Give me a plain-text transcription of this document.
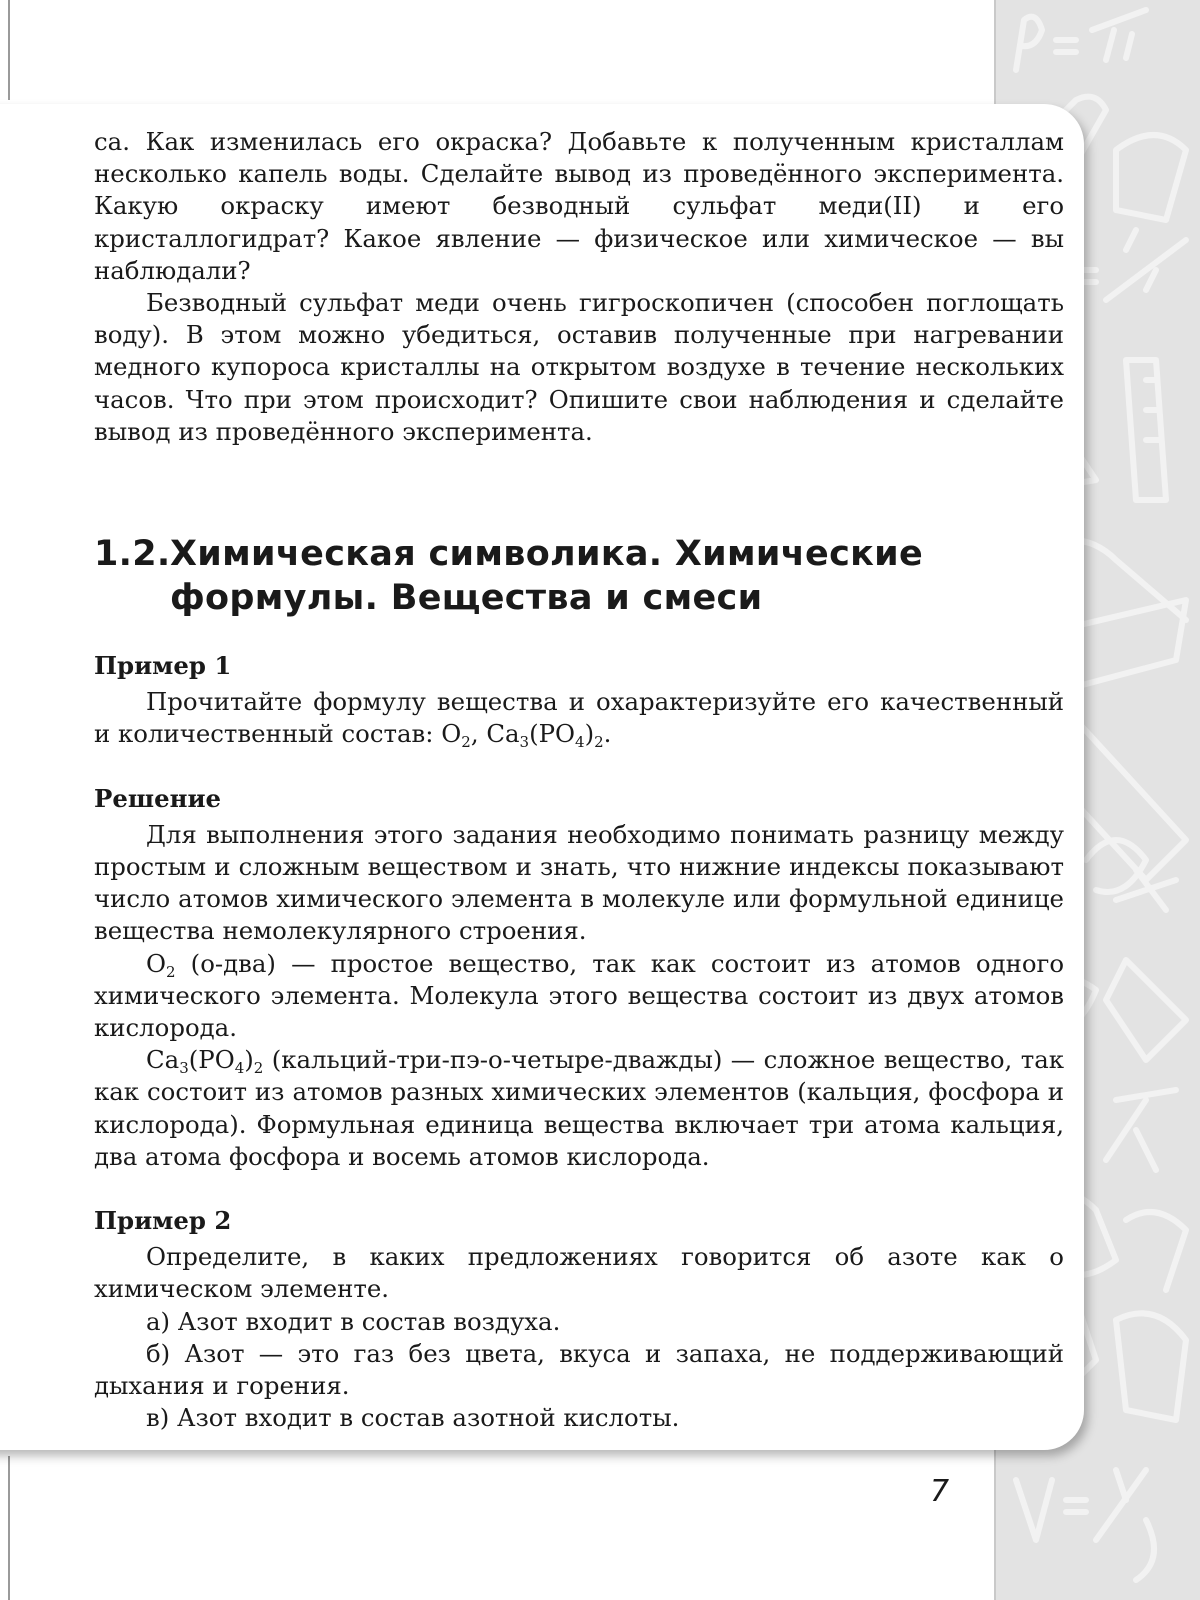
са. Как изменилась его окраска? Добавьте к полученным кристаллам несколько капель воды. Сделайте вывод из проведённого эксперимента. Какую окраску имеют безводный сульфат меди(II) и его кристаллогидрат? Какое явление — физическое или химическое — вы наблюдали?

Безводный сульфат меди очень гигроскопичен (способен поглощать воду). В этом можно убедиться, оставив полученные при нагревании медного купороса кристаллы на открытом воздухе в течение нескольких часов. Что при этом происходит? Опишите свои наблюдения и сделайте вывод из проведённого эксперимента.

1.2. Химическая символика. Химические формулы. Вещества и смеси

Пример 1

Прочитайте формулу вещества и охарактеризуйте его качественный и количественный состав: $O_2$, $Ca_3(PO_4)_2$.

Решение

Для выполнения этого задания необходимо понимать разницу между простым и сложным веществом и знать, что нижние индексы показывают число атомов химического элемента в молекуле или формульной единице вещества немолекулярного строения.

$O_2$ (о-два) — простое вещество, так как состоит из атомов одного химического элемента. Молекула этого вещества состоит из двух атомов кислорода.

$Ca_3(PO_4)_2$ (кальций-три-пэ-о-четыре-дважды) — сложное вещество, так как состоит из атомов разных химических элементов (кальция, фосфора и кислорода). Формульная единица вещества включает три атома кальция, два атома фосфора и восемь атомов кислорода.

Пример 2

Определите, в каких предложениях говорится об азоте как о химическом элементе.

а) Азот входит в состав воздуха.

б) Азот — это газ без цвета, вкуса и запаха, не поддерживающий дыхания и горения.

в) Азот входит в состав азотной кислоты.

7
